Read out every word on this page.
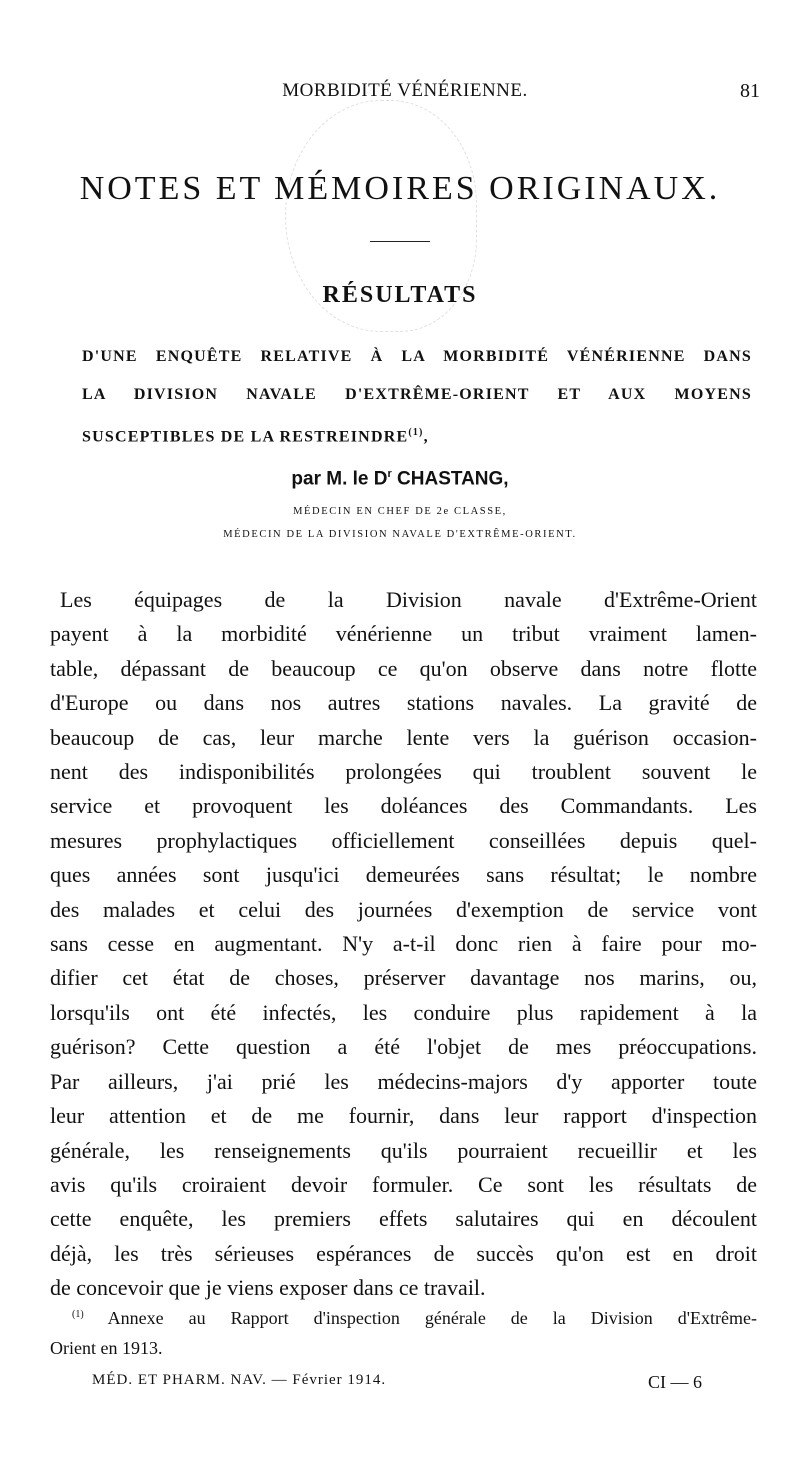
MORBIDITÉ VÉNÉRIENNE.	81
NOTES ET MÉMOIRES ORIGINAUX.
RÉSULTATS
D'UNE ENQUÊTE RELATIVE À LA MORBIDITÉ VÉNÉRIENNE DANS
LA DIVISION NAVALE D'EXTRÊME-ORIENT ET AUX MOYENS
SUSCEPTIBLES DE LA RESTREINDRE$^{(1)}$,
par M. le $D^r$ CHASTANG,
MÉDECIN EN CHEF DE 2e CLASSE,
MÉDECIN DE LA DIVISION NAVALE D'EXTRÊME-ORIENT.
Les équipages de la Division navale d'Extrême-Orient
payent à la morbidité vénérienne un tribut vraiment lamen-
table, dépassant de beaucoup ce qu'on observe dans notre flotte
d'Europe ou dans nos autres stations navales. La gravité de
beaucoup de cas, leur marche lente vers la guérison occasion-
nent des indisponibilités prolongées qui troublent souvent le
service et provoquent les doléances des Commandants. Les
mesures prophylactiques officiellement conseillées depuis quel-
ques années sont jusqu'ici demeurées sans résultat; le nombre
des malades et celui des journées d'exemption de service vont
sans cesse en augmentant. N'y a-t-il donc rien à faire pour mo-
difier cet état de choses, préserver davantage nos marins, ou,
lorsqu'ils ont été infectés, les conduire plus rapidement à la
guérison? Cette question a été l'objet de mes préoccupations.
Par ailleurs, j'ai prié les médecins-majors d'y apporter toute
leur attention et de me fournir, dans leur rapport d'inspection
générale, les renseignements qu'ils pourraient recueillir et les
avis qu'ils croiraient devoir formuler. Ce sont les résultats de
cette enquête, les premiers effets salutaires qui en découlent
déjà, les très sérieuses espérances de succès qu'on est en droit
de concevoir que je viens exposer dans ce travail.
$^{(1)}$ Annexe au Rapport d'inspection générale de la Division d'Extrême-
Orient en 1913.
MÉD. ET PHARM. NAV. — Février 1914.	CI — 6
